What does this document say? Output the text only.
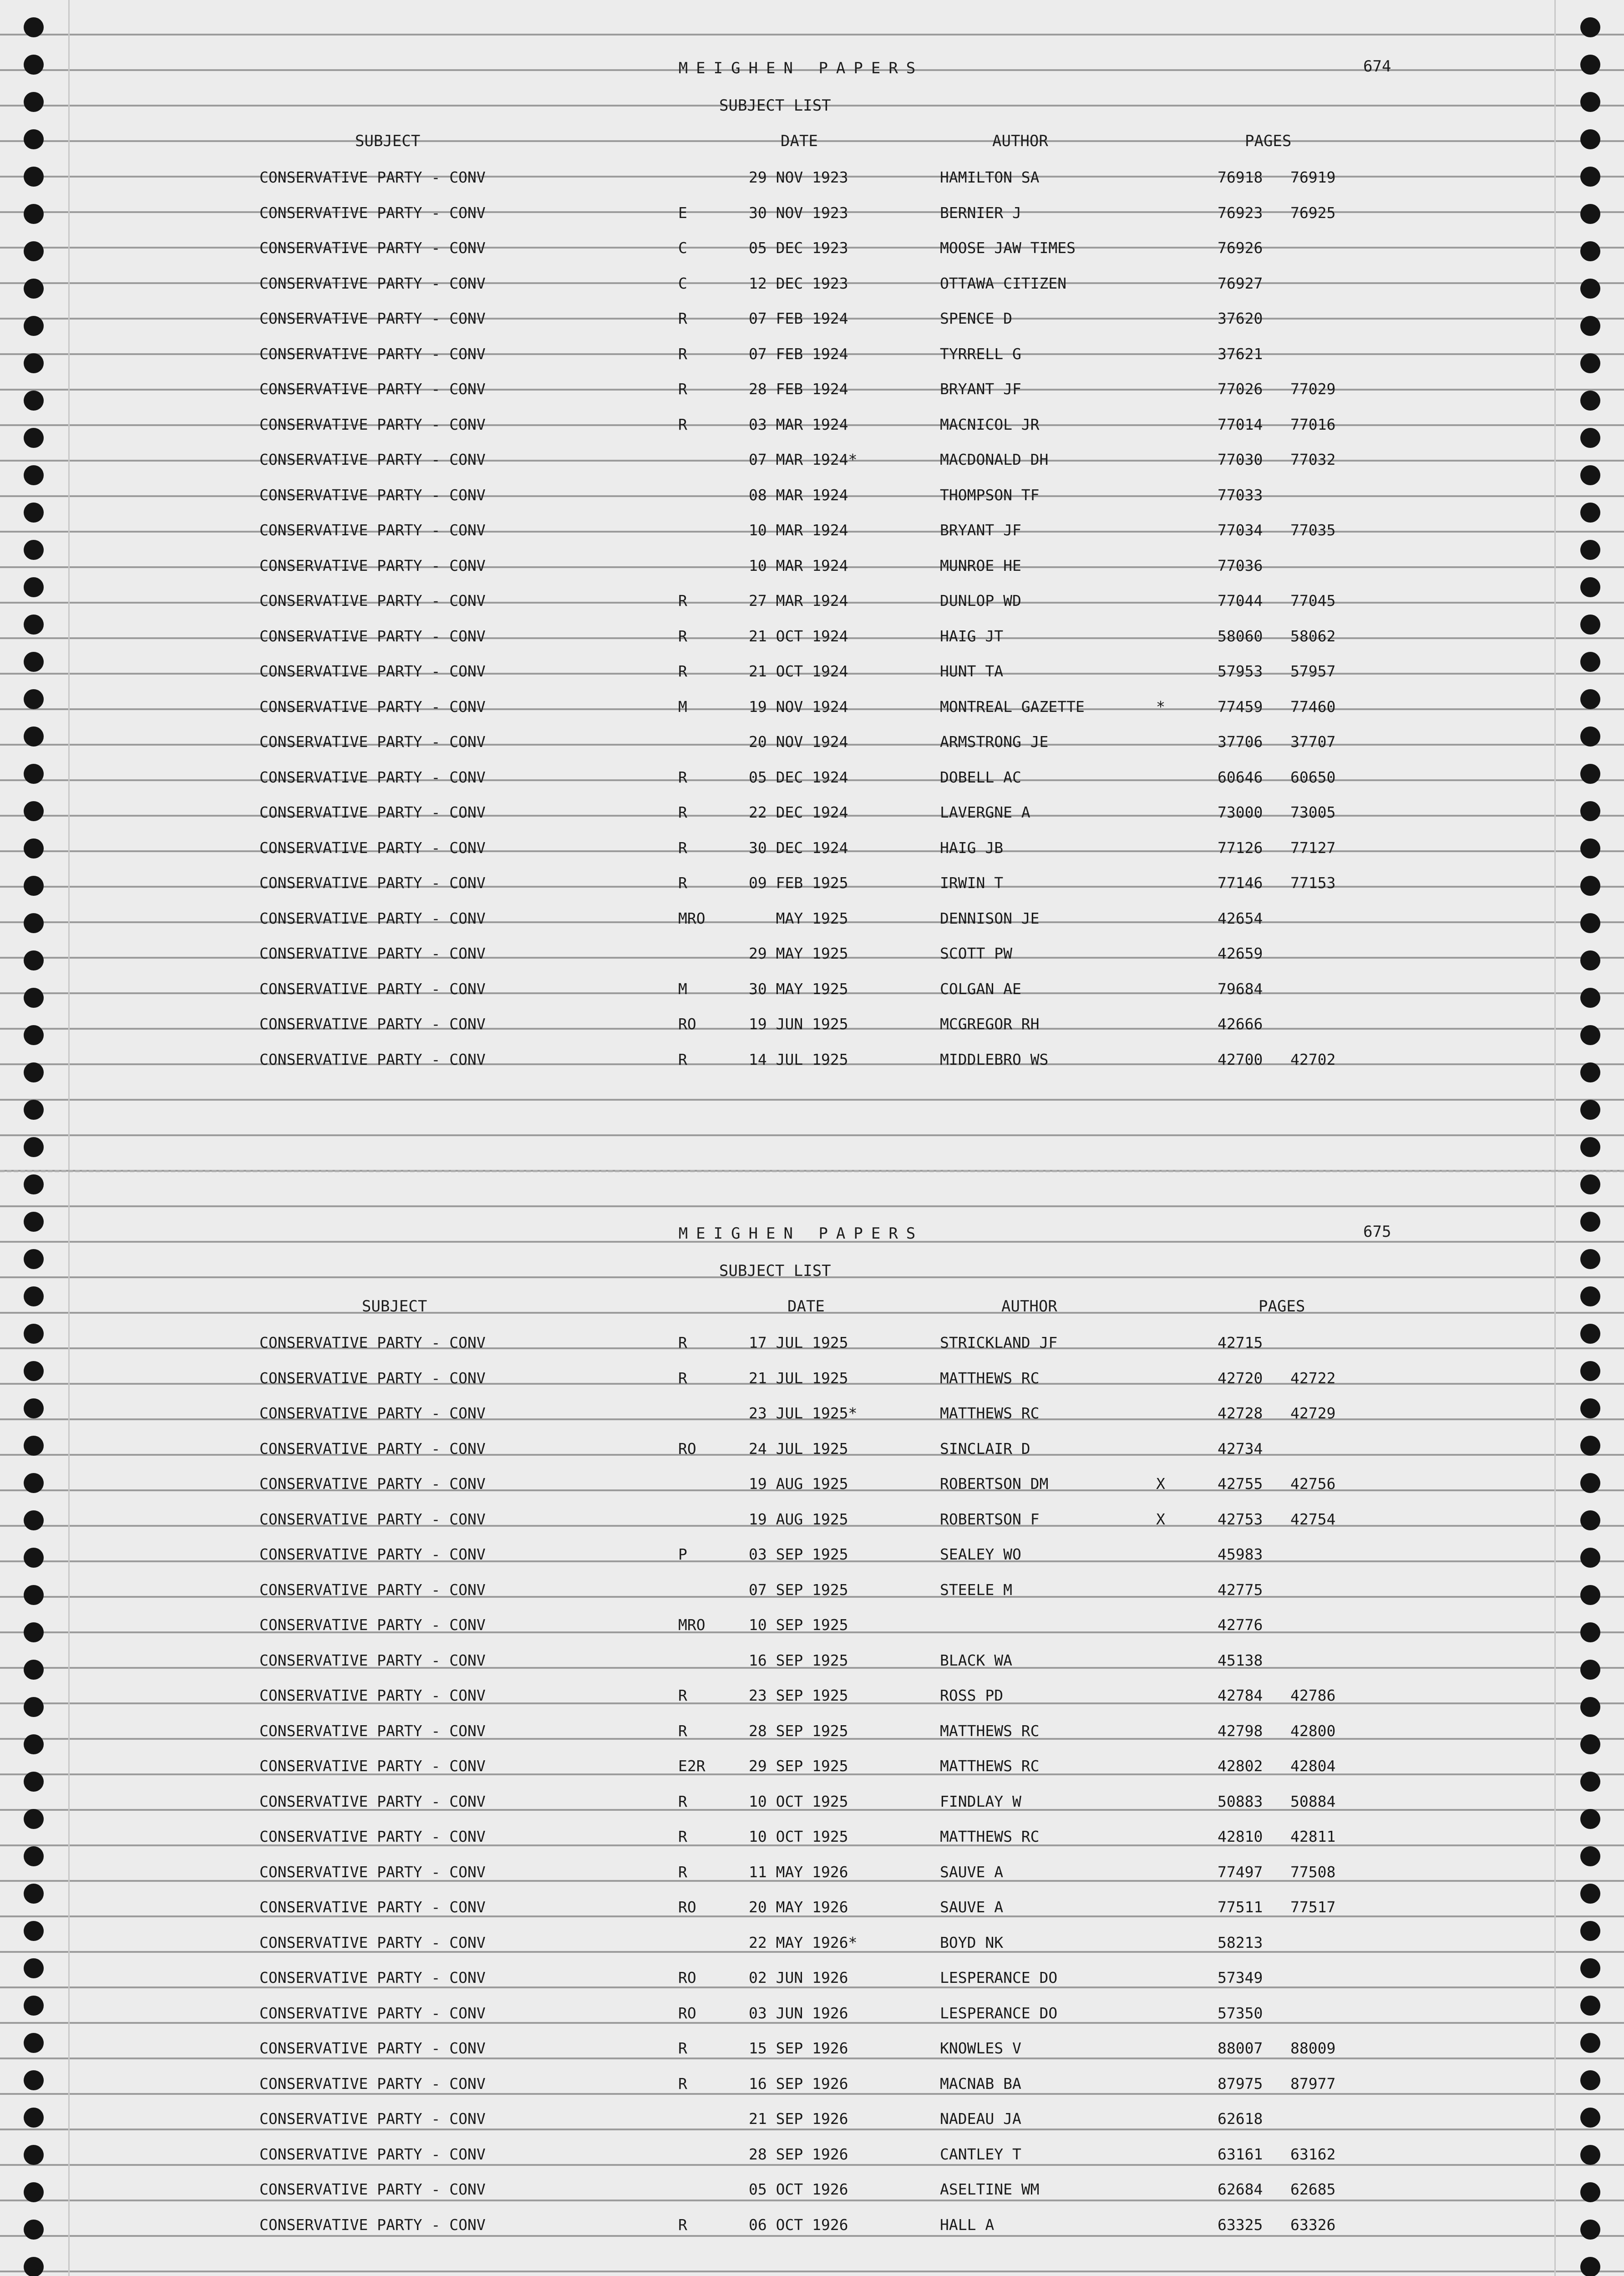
MEIGHEN PAPERS	674
SUBJECT LIST
SUBJECT	DATE	AUTHOR	PAGES
CONSERVATIVE PARTY - CONV	29 NOV 1923	HAMILTON SA	76918 76919
CONSERVATIVE PARTY - CONV	E	30 NOV 1923	BERNIER J	76923 76925
CONSERVATIVE PARTY - CONV	C	05 DEC 1923	MOOSE JAW TIMES	76926
CONSERVATIVE PARTY - CONV	C	12 DEC 1923	OTTAWA CITIZEN	76927
CONSERVATIVE PARTY - CONV	R	07 FEB 1924	SPENCE D	37620
CONSERVATIVE PARTY - CONV	R	07 FEB 1924	TYRRELL G	37621
CONSERVATIVE PARTY - CONV	R	28 FEB 1924	BRYANT JF	77026 77029
CONSERVATIVE PARTY - CONV	R	03 MAR 1924	MACNICOL JR	77014 77016
CONSERVATIVE PARTY - CONV	07 MAR 1924*	MACDONALD DH	77030 77032
CONSERVATIVE PARTY - CONV	08 MAR 1924	THOMPSON TF	77033
CONSERVATIVE PARTY - CONV	10 MAR 1924	BRYANT JF	77034 77035
CONSERVATIVE PARTY - CONV	10 MAR 1924	MUNROE HE	77036
CONSERVATIVE PARTY - CONV	R	27 MAR 1924	DUNLOP WD	77044 77045
CONSERVATIVE PARTY - CONV	R	21 OCT 1924	HAIG JT	58060 58062
CONSERVATIVE PARTY - CONV	R	21 OCT 1924	HUNT TA	57953 57957
CONSERVATIVE PARTY - CONV	M	19 NOV 1924	MONTREAL GAZETTE	*	77459 77460
CONSERVATIVE PARTY - CONV	20 NOV 1924	ARMSTRONG JE	37706 37707
CONSERVATIVE PARTY - CONV	R	05 DEC 1924	DOBELL AC	60646 60650
CONSERVATIVE PARTY - CONV	R	22 DEC 1924	LAVERGNE A	73000 73005
CONSERVATIVE PARTY - CONV	R	30 DEC 1924	HAIG JB	77126 77127
CONSERVATIVE PARTY - CONV	R	09 FEB 1925	IRWIN T	77146 77153
CONSERVATIVE PARTY - CONV	MRO	MAY 1925	DENNISON JE	42654
CONSERVATIVE PARTY - CONV	29 MAY 1925	SCOTT PW	42659
CONSERVATIVE PARTY - CONV	M	30 MAY 1925	COLGAN AE	79684
CONSERVATIVE PARTY - CONV	RO	19 JUN 1925	MCGREGOR RH	42666
CONSERVATIVE PARTY - CONV	R	14 JUL 1925	MIDDLEBRO WS	42700 42702
MEIGHEN PAPERS	675
SUBJECT LIST
SUBJECT	DATE	AUTHOR	PAGES
CONSERVATIVE PARTY - CONV	R	17 JUL 1925	STRICKLAND JF	42715
CONSERVATIVE PARTY - CONV	R	21 JUL 1925	MATTHEWS RC	42720 42722
CONSERVATIVE PARTY - CONV	23 JUL 1925*	MATTHEWS RC	42728 42729
CONSERVATIVE PARTY - CONV	RO	24 JUL 1925	SINCLAIR D	42734
CONSERVATIVE PARTY - CONV	19 AUG 1925	ROBERTSON DM	X	42755 42756
CONSERVATIVE PARTY - CONV	19 AUG 1925	ROBERTSON F	X	42753 42754
CONSERVATIVE PARTY - CONV	P	03 SEP 1925	SEALEY WO	45983
CONSERVATIVE PARTY - CONV	07 SEP 1925	STEELE M	42775
CONSERVATIVE PARTY - CONV	MRO	10 SEP 1925	42776
CONSERVATIVE PARTY - CONV	16 SEP 1925	BLACK WA	45138
CONSERVATIVE PARTY - CONV	R	23 SEP 1925	ROSS PD	42784 42786
CONSERVATIVE PARTY - CONV	R	28 SEP 1925	MATTHEWS RC	42798 42800
CONSERVATIVE PARTY - CONV	E2R	29 SEP 1925	MATTHEWS RC	42802 42804
CONSERVATIVE PARTY - CONV	R	10 OCT 1925	FINDLAY W	50883 50884
CONSERVATIVE PARTY - CONV	R	10 OCT 1925	MATTHEWS RC	42810 42811
CONSERVATIVE PARTY - CONV	R	11 MAY 1926	SAUVE A	77497 77508
CONSERVATIVE PARTY - CONV	RO	20 MAY 1926	SAUVE A	77511 77517
CONSERVATIVE PARTY - CONV	22 MAY 1926*	BOYD NK	58213
CONSERVATIVE PARTY - CONV	RO	02 JUN 1926	LESPERANCE DO	57349
CONSERVATIVE PARTY - CONV	RO	03 JUN 1926	LESPERANCE DO	57350
CONSERVATIVE PARTY - CONV	R	15 SEP 1926	KNOWLES V	88007 88009
CONSERVATIVE PARTY - CONV	R	16 SEP 1926	MACNAB BA	87975 87977
CONSERVATIVE PARTY - CONV	21 SEP 1926	NADEAU JA	62618
CONSERVATIVE PARTY - CONV	28 SEP 1926	CANTLEY T	63161 63162
CONSERVATIVE PARTY - CONV	05 OCT 1926	ASELTINE WM	62684 62685
CONSERVATIVE PARTY - CONV	R	06 OCT 1926	HALL A	63325 63326
